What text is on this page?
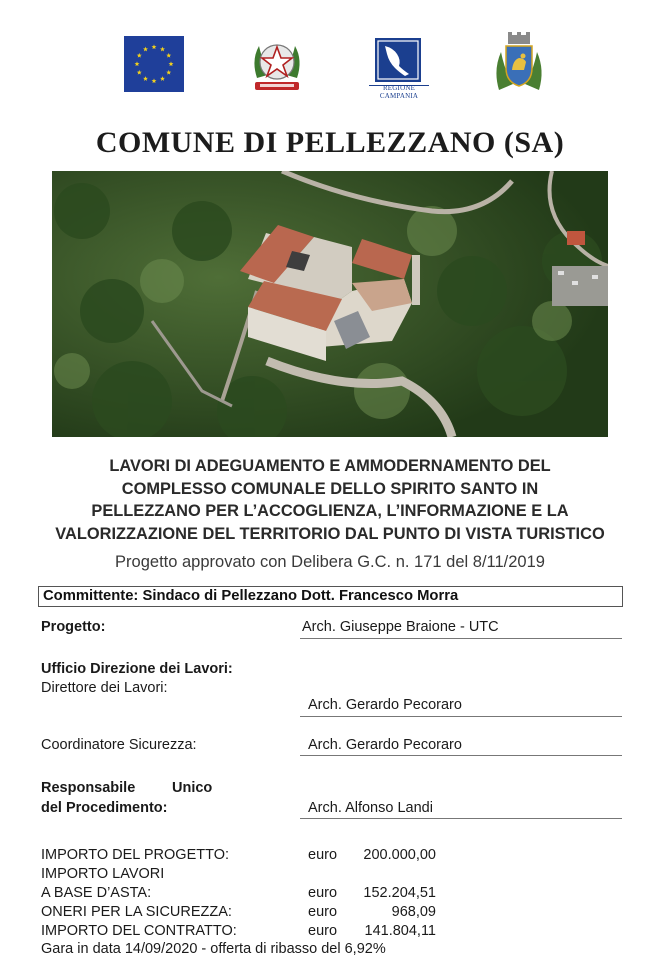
REGIONE CAMPANIA
COMUNE DI PELLEZZANO (SA)
LAVORI DI ADEGUAMENTO E AMMODERNAMENTO DEL
COMPLESSO COMUNALE DELLO SPIRITO SANTO IN
PELLEZZANO PER L’ACCOGLIENZA, L’INFORMAZIONE E LA
VALORIZZAZIONE DEL TERRITORIO DAL PUNTO DI VISTA TURISTICO
Progetto approvato con Delibera G.C. n. 171 del 8/11/2019
Committente: Sindaco di Pellezzano Dott. Francesco Morra
Progetto:	Arch. Giuseppe Braione - UTC
Ufficio Direzione dei Lavori:
Direttore dei Lavori:
Arch. Gerardo Pecoraro
Coordinatore Sicurezza:	Arch. Gerardo Pecoraro
Responsabile	Unico
del Procedimento:	Arch. Alfonso Landi
IMPORTO DEL PROGETTO:	euro	200.000,00
IMPORTO LAVORI
A BASE D’ASTA:	euro	152.204,51
ONERI PER LA SICUREZZA:	euro	968,09
IMPORTO DEL CONTRATTO:	euro	141.804,11
Gara in data 14/09/2020 - offerta di ribasso del 6,92%
